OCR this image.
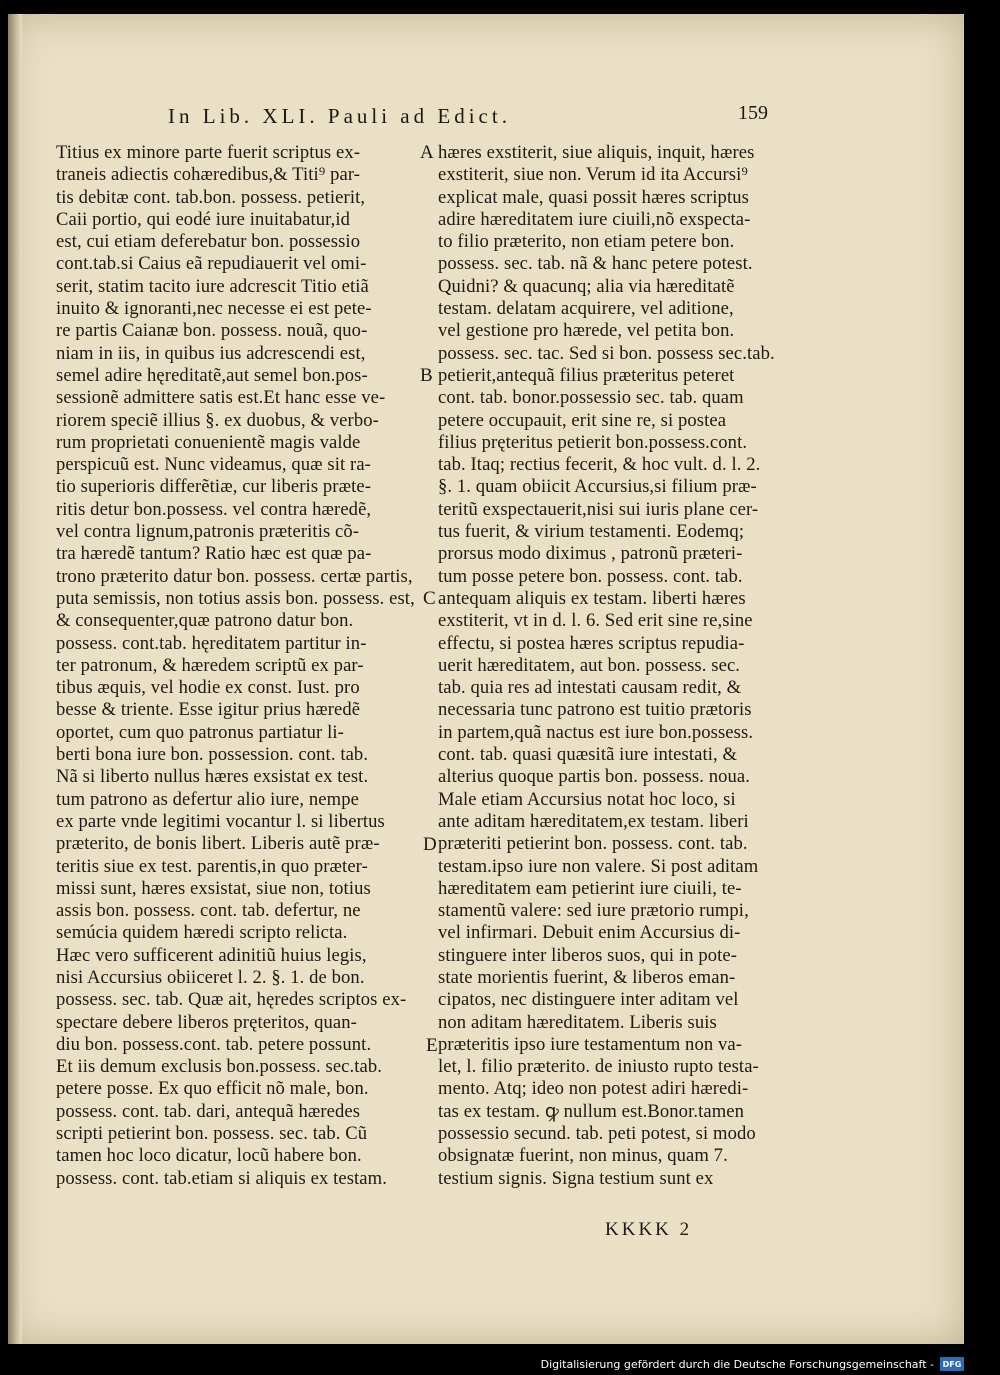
In Lib. XLI. Pauli ad Edict.	159
Titius ex minore parte fuerit scriptus ex-
traneis adiectis cohæredibus,& Titi⁹ par-
tis debitæ cont. tab.bon. possess. petierit,
Caii portio, qui eodé iure inuitabatur,id
est, cui etiam deferebatur bon. possessio
cont.tab.si Caius eã repudiauerit vel omi-
serit, statim tacito iure adcrescit Titio etiã
inuito & ignoranti,nec necesse ei est pete-
re partis Caianæ bon. possess. nouã, quo-
niam in iis, in quibus ius adcrescendi est,
semel adire hęreditatẽ,aut semel bon.pos-
sessionẽ admittere satis est.Et hanc esse ve-
riorem speciẽ illius §. ex duobus, & verbo-
rum proprietati conuenientẽ magis valde
perspicuũ est. Nunc videamus, quæ sit ra-
tio superioris differẽtiæ, cur liberis præte-
ritis detur bon.possess. vel contra hæredẽ,
vel contra lignum,patronis præteritis cõ-
tra hæredẽ tantum? Ratio hæc est quæ pa-
trono præterito datur bon. possess. certæ partis,
puta semissis, non totius assis bon. possess. est,
& consequenter,quæ patrono datur bon.
possess. cont.tab. hęreditatem partitur in-
ter patronum, & hæredem scriptũ ex par-
tibus æquis, vel hodie ex const. Iust. pro
besse & triente. Esse igitur prius hæredẽ
oportet, cum quo patronus partiatur li-
berti bona iure bon. possession. cont. tab.
Nã si liberto nullus hæres exsistat ex test.
tum patrono as defertur alio iure, nempe
ex parte vnde legitimi vocantur l. si libertus
præterito, de bonis libert. Liberis autẽ præ-
teritis siue ex test. parentis,in quo præter-
missi sunt, hæres exsistat, siue non, totius
assis bon. possess. cont. tab. defertur, ne
semúcia quidem hæredi scripto relicta.
Hæc vero sufficerent adinitiũ huius legis,
nisi Accursius obiiceret l. 2. §. 1. de bon.
possess. sec. tab. Quæ ait, hęredes scriptos ex-
spectare debere liberos pręteritos, quan-
diu bon. possess.cont. tab. petere possunt.
Et iis demum exclusis bon.possess. sec.tab.
petere posse. Ex quo efficit nõ male, bon.
possess. cont. tab. dari, antequã hæredes
scripti petierint bon. possess. sec. tab. Cũ
tamen hoc loco dicatur, locũ habere bon.
possess. cont. tab.etiam si aliquis ex testam.
hæres exstiterit, siue aliquis, inquit, hæres
exstiterit, siue non. Verum id ita Accursi⁹
explicat male, quasi possit hæres scriptus
adire hæreditatem iure ciuili,nõ exspecta-
to filio præterito, non etiam petere bon.
possess. sec. tab. nã & hanc petere potest.
Quidni? & quacunq; alia via hæreditatẽ
testam. delatam acquirere, vel aditione,
vel gestione pro hærede, vel petita bon.
possess. sec. tac. Sed si bon. possess sec.tab.
petierit,antequã filius præteritus peteret
cont. tab. bonor.possessio sec. tab. quam
petere occupauit, erit sine re, si postea
filius pręteritus petierit bon.possess.cont.
tab. Itaq; rectius fecerit, & hoc vult. d. l. 2.
§. 1. quam obiicit Accursius,si filium præ-
teritũ exspectauerit,nisi sui iuris plane cer-
tus fuerit, & virium testamenti. Eodemq;
prorsus modo diximus , patronũ præteri-
tum posse petere bon. possess. cont. tab.
antequam aliquis ex testam. liberti hæres
exstiterit, vt in d. l. 6. Sed erit sine re,sine
effectu, si postea hæres scriptus repudia-
uerit hæreditatem, aut bon. possess. sec.
tab. quia res ad intestati causam redit, &
necessaria tunc patrono est tuitio prætoris
in partem,quã nactus est iure bon.possess.
cont. tab. quasi quæsitã iure intestati, &
alterius quoque partis bon. possess. noua.
Male etiam Accursius notat hoc loco, si
ante aditam hæreditatem,ex testam. liberi
præteriti petierint bon. possess. cont. tab.
testam.ipso iure non valere. Si post aditam
hæreditatem eam petierint iure ciuili, te-
stamentũ valere: sed iure prætorio rumpi,
vel infirmari. Debuit enim Accursius di-
stinguere inter liberos suos, qui in pote-
state morientis fuerint, & liberos eman-
cipatos, nec distinguere inter aditam vel
non aditam hæreditatem. Liberis suis
præteritis ipso iure testamentum non va-
let, l. filio præterito. de iniusto rupto testa-
mento. Atq; ideo non potest adiri hæredi-
tas ex testam. ꝙ nullum est.Bonor.tamen
possessio secund. tab. peti potest, si modo
obsignatæ fuerint, non minus, quam 7.
testium signis. Signa testium sunt ex
A
B
C
D
E
KKKK 2
Digitalisierung gefördert durch die Deutsche Forschungsgemeinschaft -	DFG
